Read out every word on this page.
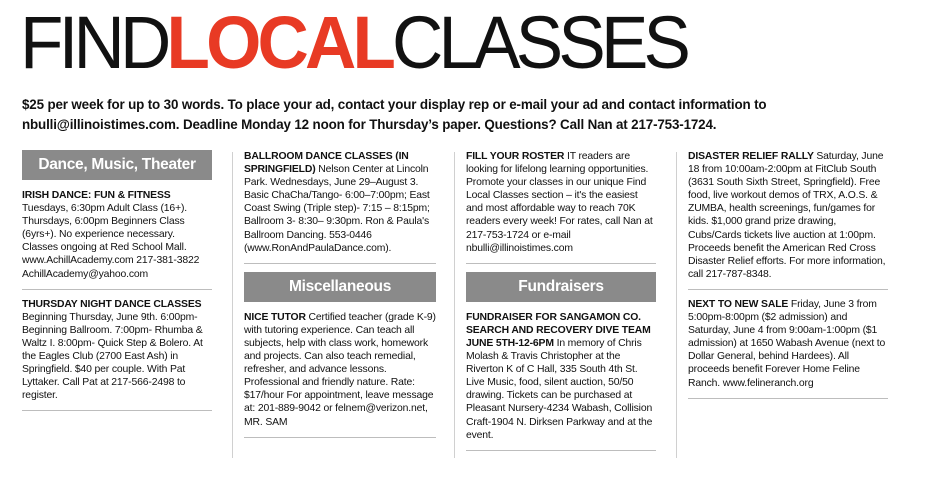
FINDLOCALCLASSES
$25 per week for up to 30 words. To place your ad, contact your display rep or e-mail your ad and contact information to nbulli@illinoistimes.com. Deadline Monday 12 noon for Thursday’s paper. Questions? Call Nan at 217-753-1724.
Dance, Music, Theater
IRISH DANCE: FUN & FITNESS
Tuesdays, 6:30pm Adult Class (16+). Thursdays, 6:00pm Beginners Class (6yrs+). No experience necessary. Classes ongoing at Red School Mall. www.AchillAcademy.com 217-381-3822 AchillAcademy@yahoo.com
THURSDAY NIGHT DANCE CLASSES
Beginning Thursday, June 9th. 6:00pm-Beginning Ballroom. 7:00pm- Rhumba & Waltz I. 8:00pm- Quick Step & Bolero. At the Eagles Club (2700 East Ash) in Springfield. $40 per couple. With Pat Lyttaker. Call Pat at 217-566-2498 to register.
BALLROOM DANCE CLASSES (IN SPRINGFIELD) Nelson Center at Lincoln Park. Wednesdays, June 29–August 3. Basic ChaCha/Tango- 6:00–7:00pm; East Coast Swing (Triple step)- 7:15 – 8:15pm; Ballroom 3- 8:30– 9:30pm. Ron & Paula's Ballroom Dancing. 553-0446 (www.RonAndPaulaDance.com).
Miscellaneous
NICE TUTOR Certified teacher (grade K-9) with tutoring experience. Can teach all subjects, help with class work, homework and projects. Can also teach remedial, refresher, and advance lessons. Professional and friendly nature. Rate: $17/hour For appointment, leave message at: 201-889-9042 or felnem@verizon.net, MR. SAM
FILL YOUR ROSTER IT readers are looking for lifelong learning opportunities. Promote your classes in our unique Find Local Classes section – it's the easiest and most affordable way to reach 70K readers every week! For rates, call Nan at 217-753-1724 or e-mail nbulli@illinoistimes.com
Fundraisers
FUNDRAISER FOR SANGAMON CO. SEARCH AND RECOVERY DIVE TEAM JUNE 5TH-12-6PM In memory of Chris Molash & Travis Christopher at the Riverton K of C Hall, 335 South 4th St. Live Music, food, silent auction, 50/50 drawing. Tickets can be purchased at Pleasant Nursery-4234 Wabash, Collision Craft-1904 N. Dirksen Parkway and at the event.
DISASTER RELIEF RALLY Saturday, June 18 from 10:00am-2:00pm at FitClub South (3631 South Sixth Street, Springfield). Free food, live workout demos of TRX, A.O.S. & ZUMBA, health screenings, fun/games for kids. $1,000 grand prize drawing, Cubs/Cards tickets live auction at 1:00pm. Proceeds benefit the American Red Cross Disaster Relief efforts. For more information, call 217-787-8348.
NEXT TO NEW SALE Friday, June 3 from 5:00pm-8:00pm ($2 admission) and Saturday, June 4 from 9:00am-1:00pm ($1 admission) at 1650 Wabash Avenue (next to Dollar General, behind Hardees). All proceeds benefit Forever Home Feline Ranch. www.felineranch.org
